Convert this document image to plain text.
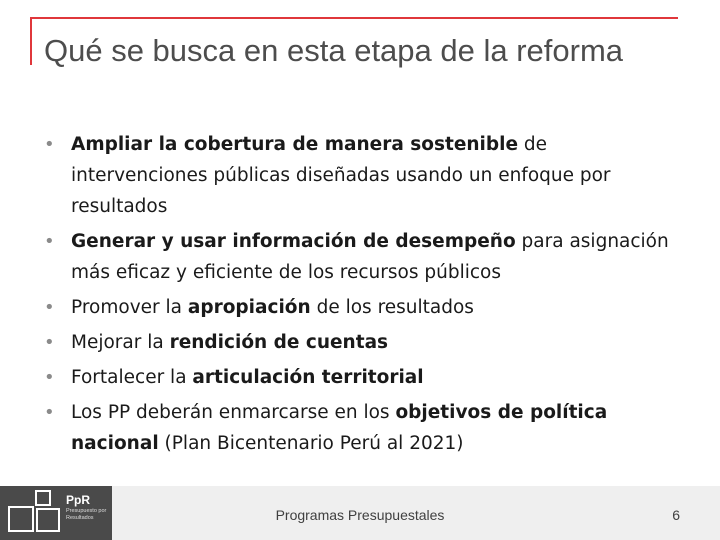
Qué se busca en esta etapa de la reforma
• Ampliar la cobertura de manera sostenible de intervenciones públicas diseñadas usando un enfoque por resultados
• Generar y usar información de desempeño para asignación más eficaz y eficiente de los recursos públicos
• Promover la apropiación de los resultados
• Mejorar la rendición de cuentas
• Fortalecer la articulación territorial
• Los PP deberán enmarcarse en los objetivos de política nacional (Plan Bicentenario Perú al 2021)
PpR
Presupuesto por Resultados	Programas Presupuestales	6
